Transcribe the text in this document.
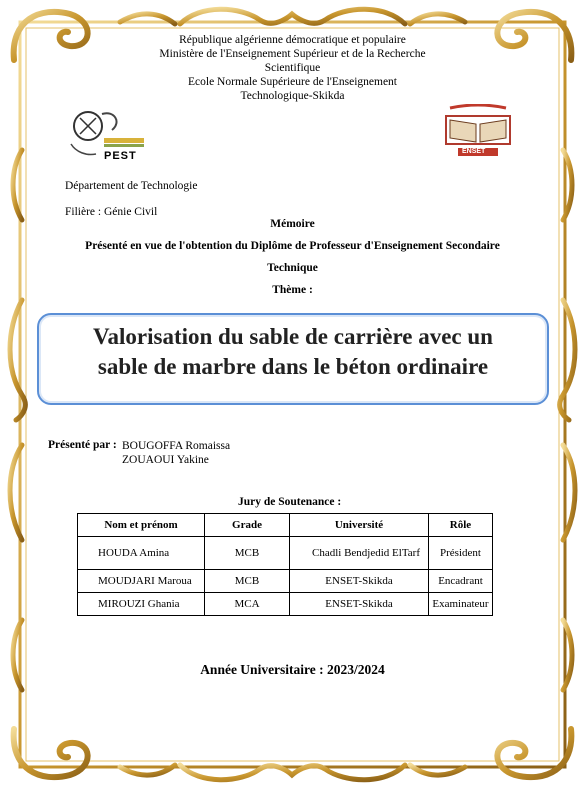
République algérienne démocratique et populaire
Ministère de l'Enseignement Supérieur et de la Recherche
Scientifique
Ecole Normale Supérieure de l'Enseignement
Technologique-Skikda
PEST	ENSET
Département de Technologie
Filière : Génie Civil
Mémoire
Présenté en vue de l'obtention du Diplôme de Professeur d'Enseignement Secondaire
Technique
Thème :
Valorisation du sable de carrière avec un
sable de marbre dans le béton ordinaire
Présenté par : BOUGOFFA Romaissa
ZOUAOUI Yakine
Jury de Soutenance :
Nom et prénom	Grade	Université	Rôle
HOUDA Amina	MCB	Chadli Bendjedid ElTarf	Président
MOUDJARI Maroua	MCB	ENSET-Skikda	Encadrant
MIROUZI Ghania	MCA	ENSET-Skikda	Examinateur
Année Universitaire : 2023/2024
